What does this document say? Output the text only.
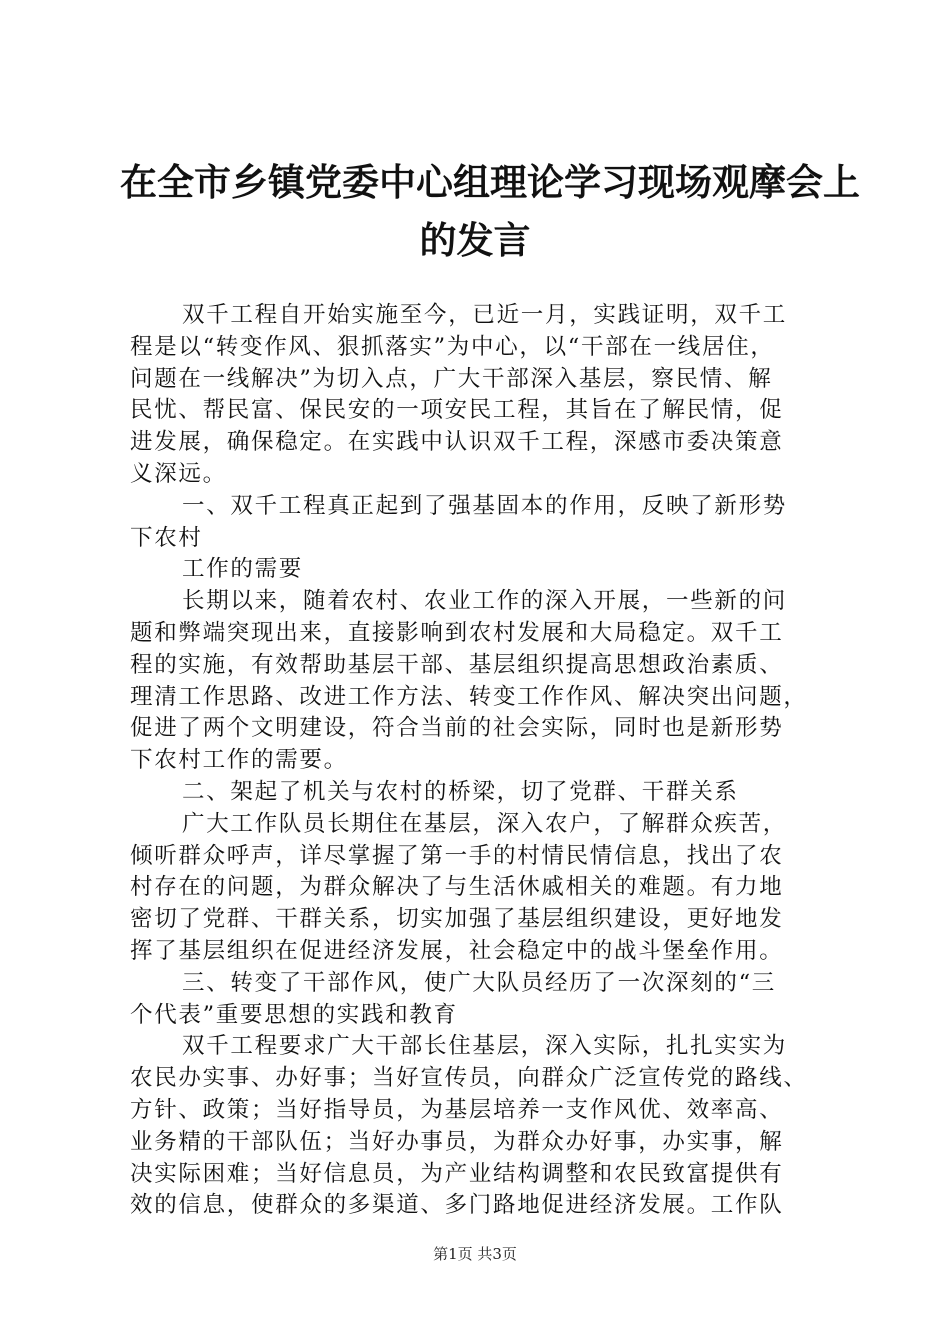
在全市乡镇党委中心组理论学习现场观摩会上
的发言
双千工程自开始实施至今，已近一月，实践证明，双千工
程是以“转变作风、狠抓落实”为中心，以“干部在一线居住，
问题在一线解决”为切入点，广大干部深入基层，察民情、解
民忧、帮民富、保民安的一项安民工程，其旨在了解民情，促
进发展，确保稳定。在实践中认识双千工程，深感市委决策意
义深远。
一、双千工程真正起到了强基固本的作用，反映了新形势
下农村
工作的需要
长期以来，随着农村、农业工作的深入开展，一些新的问
题和弊端突现出来，直接影响到农村发展和大局稳定。双千工
程的实施，有效帮助基层干部、基层组织提高思想政治素质、
理清工作思路、改进工作方法、转变工作作风、解决突出问题，
促进了两个文明建设，符合当前的社会实际，同时也是新形势
下农村工作的需要。
二、架起了机关与农村的桥梁，切了党群、干群关系
广大工作队员长期住在基层，深入农户，了解群众疾苦，
倾听群众呼声，详尽掌握了第一手的村情民情信息，找出了农
村存在的问题，为群众解决了与生活休戚相关的难题。有力地
密切了党群、干群关系，切实加强了基层组织建设，更好地发
挥了基层组织在促进经济发展，社会稳定中的战斗堡垒作用。
三、转变了干部作风，使广大队员经历了一次深刻的“三
个代表”重要思想的实践和教育
双千工程要求广大干部长住基层，深入实际，扎扎实实为
农民办实事、办好事；当好宣传员，向群众广泛宣传党的路线、
方针、政策；当好指导员，为基层培养一支作风优、效率高、
业务精的干部队伍；当好办事员，为群众办好事，办实事，解
决实际困难；当好信息员，为产业结构调整和农民致富提供有
效的信息，使群众的多渠道、多门路地促进经济发展。工作队
第1页 共3页
